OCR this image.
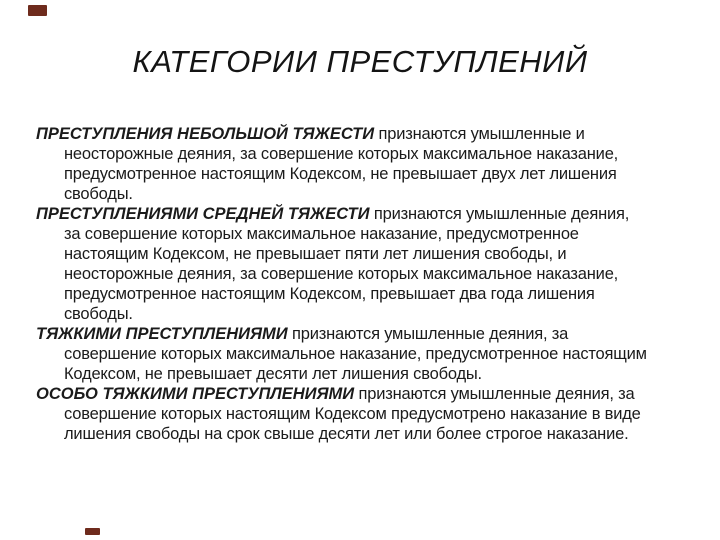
КАТЕГОРИИ ПРЕСТУПЛЕНИЙ

ПРЕСТУПЛЕНИЯ НЕБОЛЬШОЙ ТЯЖЕСТИ признаются умышленные и неосторожные деяния, за совершение которых максимальное наказание, предусмотренное настоящим Кодексом, не превышает двух лет лишения свободы.

ПРЕСТУПЛЕНИЯМИ СРЕДНЕЙ ТЯЖЕСТИ признаются умышленные деяния, за совершение которых максимальное наказание, предусмотренное настоящим Кодексом, не превышает пяти лет лишения свободы, и неосторожные деяния, за совершение которых максимальное наказание, предусмотренное настоящим Кодексом, превышает два года лишения свободы.

ТЯЖКИМИ ПРЕСТУПЛЕНИЯМИ признаются умышленные деяния, за совершение которых максимальное наказание, предусмотренное настоящим Кодексом, не превышает десяти лет лишения свободы.

ОСОБО ТЯЖКИМИ ПРЕСТУПЛЕНИЯМИ признаются умышленные деяния, за совершение которых настоящим Кодексом предусмотрено наказание в виде лишения свободы на срок свыше десяти лет или более строгое наказание.
